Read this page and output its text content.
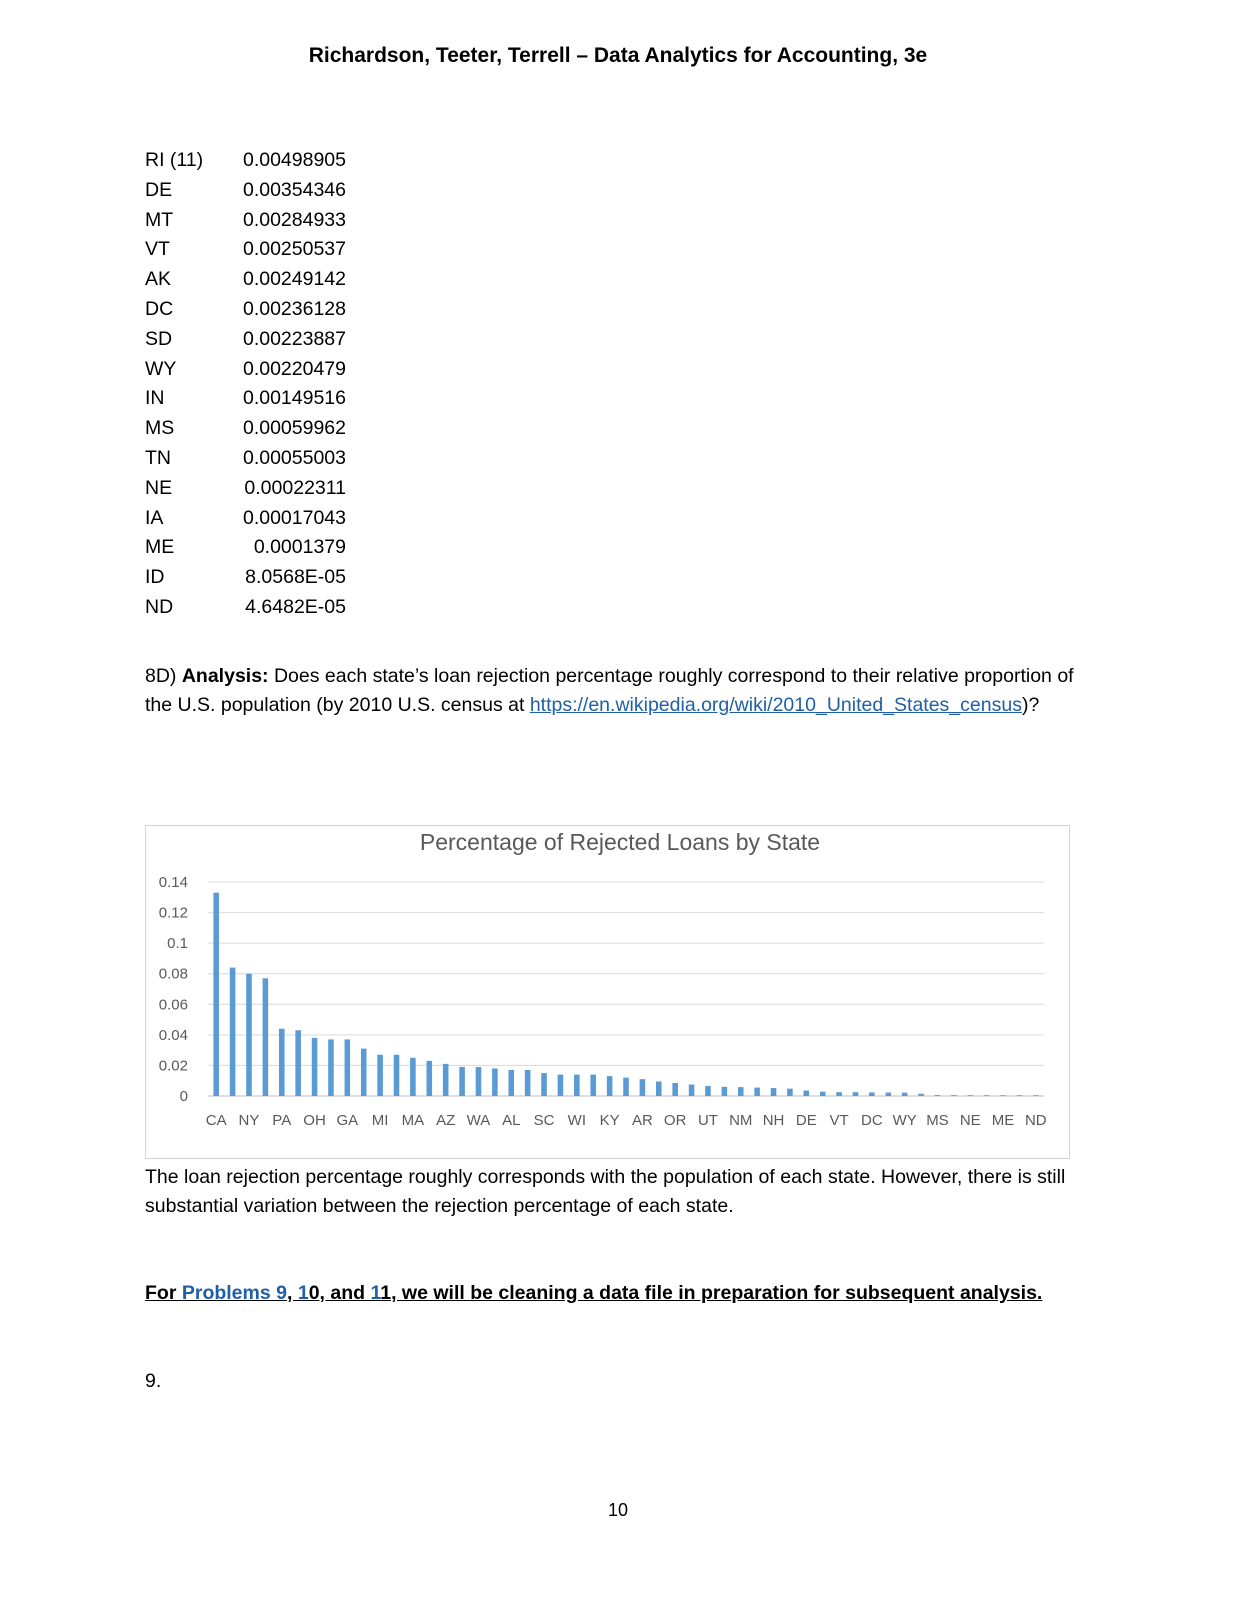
Richardson, Teeter, Terrell – Data Analytics for Accounting, 3e
RI (11)	0.00498905
DE	0.00354346
MT	0.00284933
VT	0.00250537
AK	0.00249142
DC	0.00236128
SD	0.00223887
WY	0.00220479
IN	0.00149516
MS	0.00059962
TN	0.00055003
NE	0.00022311
IA	0.00017043
ME	0.0001379
ID	8.0568E-05
ND	4.6482E-05
8D) Analysis: Does each state’s loan rejection percentage roughly correspond to their relative proportion of the U.S. population (by 2010 U.S. census at https://en.wikipedia.org/wiki/2010_United_States_census)?
Percentage of Rejected Loans by State
0
0.02
0.04
0.06
0.08
0.1
0.12
0.14
CA NY PA OH GA MI MA AZ WA AL SC WI KY AR OR UT NM NH DE VT DC WY MS NE ME ND
The loan rejection percentage roughly corresponds with the population of each state. However, there is still substantial variation between the rejection percentage of each state.
For Problems 9, 10, and 11, we will be cleaning a data file in preparation for subsequent analysis.
9.
10
